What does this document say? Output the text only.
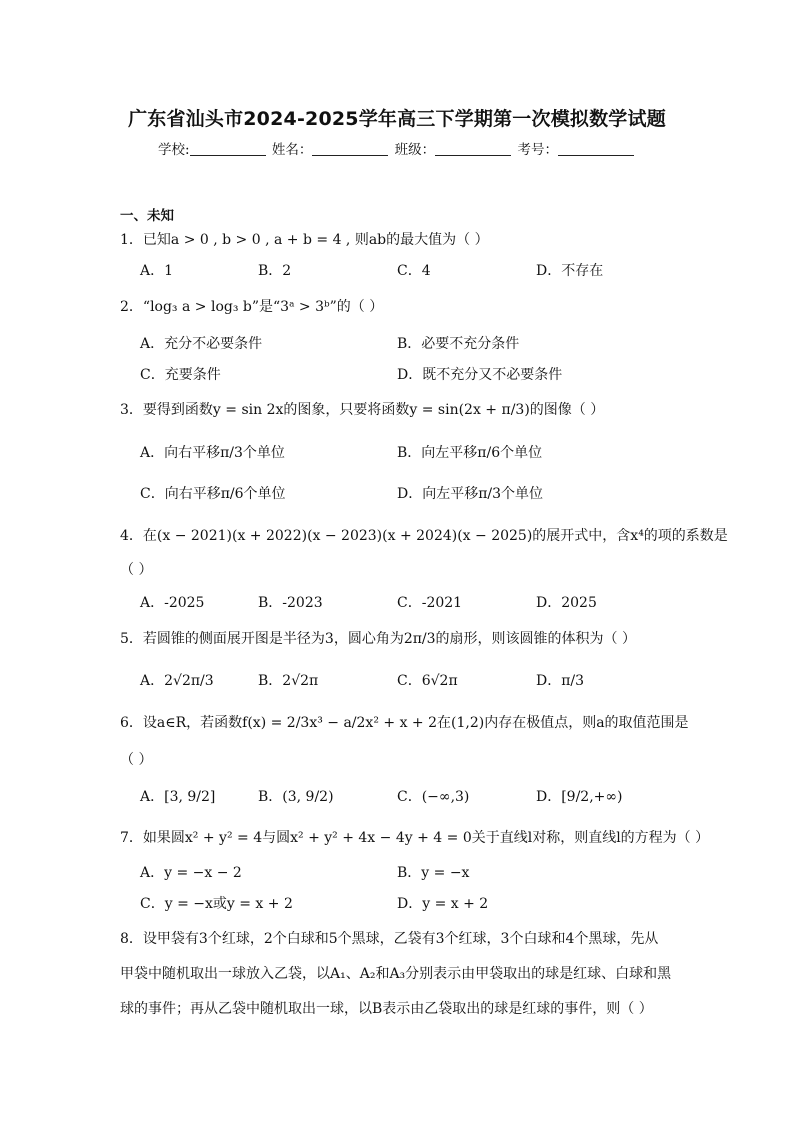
广东省汕头市2024-2025学年高三下学期第一次模拟数学试题
学校:	姓名：	班级：	考号：
一、未知
1．已知a > 0 , b > 0 , a + b = 4 , 则ab的最大值为（ ）
A．1	B．2	C．4	D．不存在
2．“log₃ a > log₃ b”是“3ᵃ > 3ᵇ”的（ ）
A．充分不必要条件	B．必要不充分条件
C．充要条件	D．既不充分又不必要条件
3．要得到函数y = sin 2x的图象，只要将函数y = sin(2x + π/3)的图像（ ）
A．向右平移π/3个单位	B．向左平移π/6个单位
C．向右平移π/6个单位	D．向左平移π/3个单位
4．在(x − 2021)(x + 2022)(x − 2023)(x + 2024)(x − 2025)的展开式中，含x⁴的项的系数是
（ ）
A．-2025	B．-2023	C．-2021	D．2025
5．若圆锥的侧面展开图是半径为3，圆心角为2π/3的扇形，则该圆锥的体积为（ ）
A．2√2π/3	B．2√2π	C．6√2π	D．π/3
6．设a∈R，若函数f(x) = 2/3x³ − a/2x² + x + 2在(1,2)内存在极值点，则a的取值范围是
（ ）
A．[3, 9/2]	B．(3, 9/2)	C．(−∞,3)	D．[9/2,+∞)
7．如果圆x² + y² = 4与圆x² + y² + 4x − 4y + 4 = 0关于直线l对称，则直线l的方程为（ ）
A．y = −x − 2	B．y = −x
C．y = −x或y = x + 2	D．y = x + 2
8．设甲袋有3个红球，2个白球和5个黑球，乙袋有3个红球，3个白球和4个黑球，先从
甲袋中随机取出一球放入乙袋，以A₁、A₂和A₃分别表示由甲袋取出的球是红球、白球和黑
球的事件；再从乙袋中随机取出一球，以B表示由乙袋取出的球是红球的事件，则（ ）
